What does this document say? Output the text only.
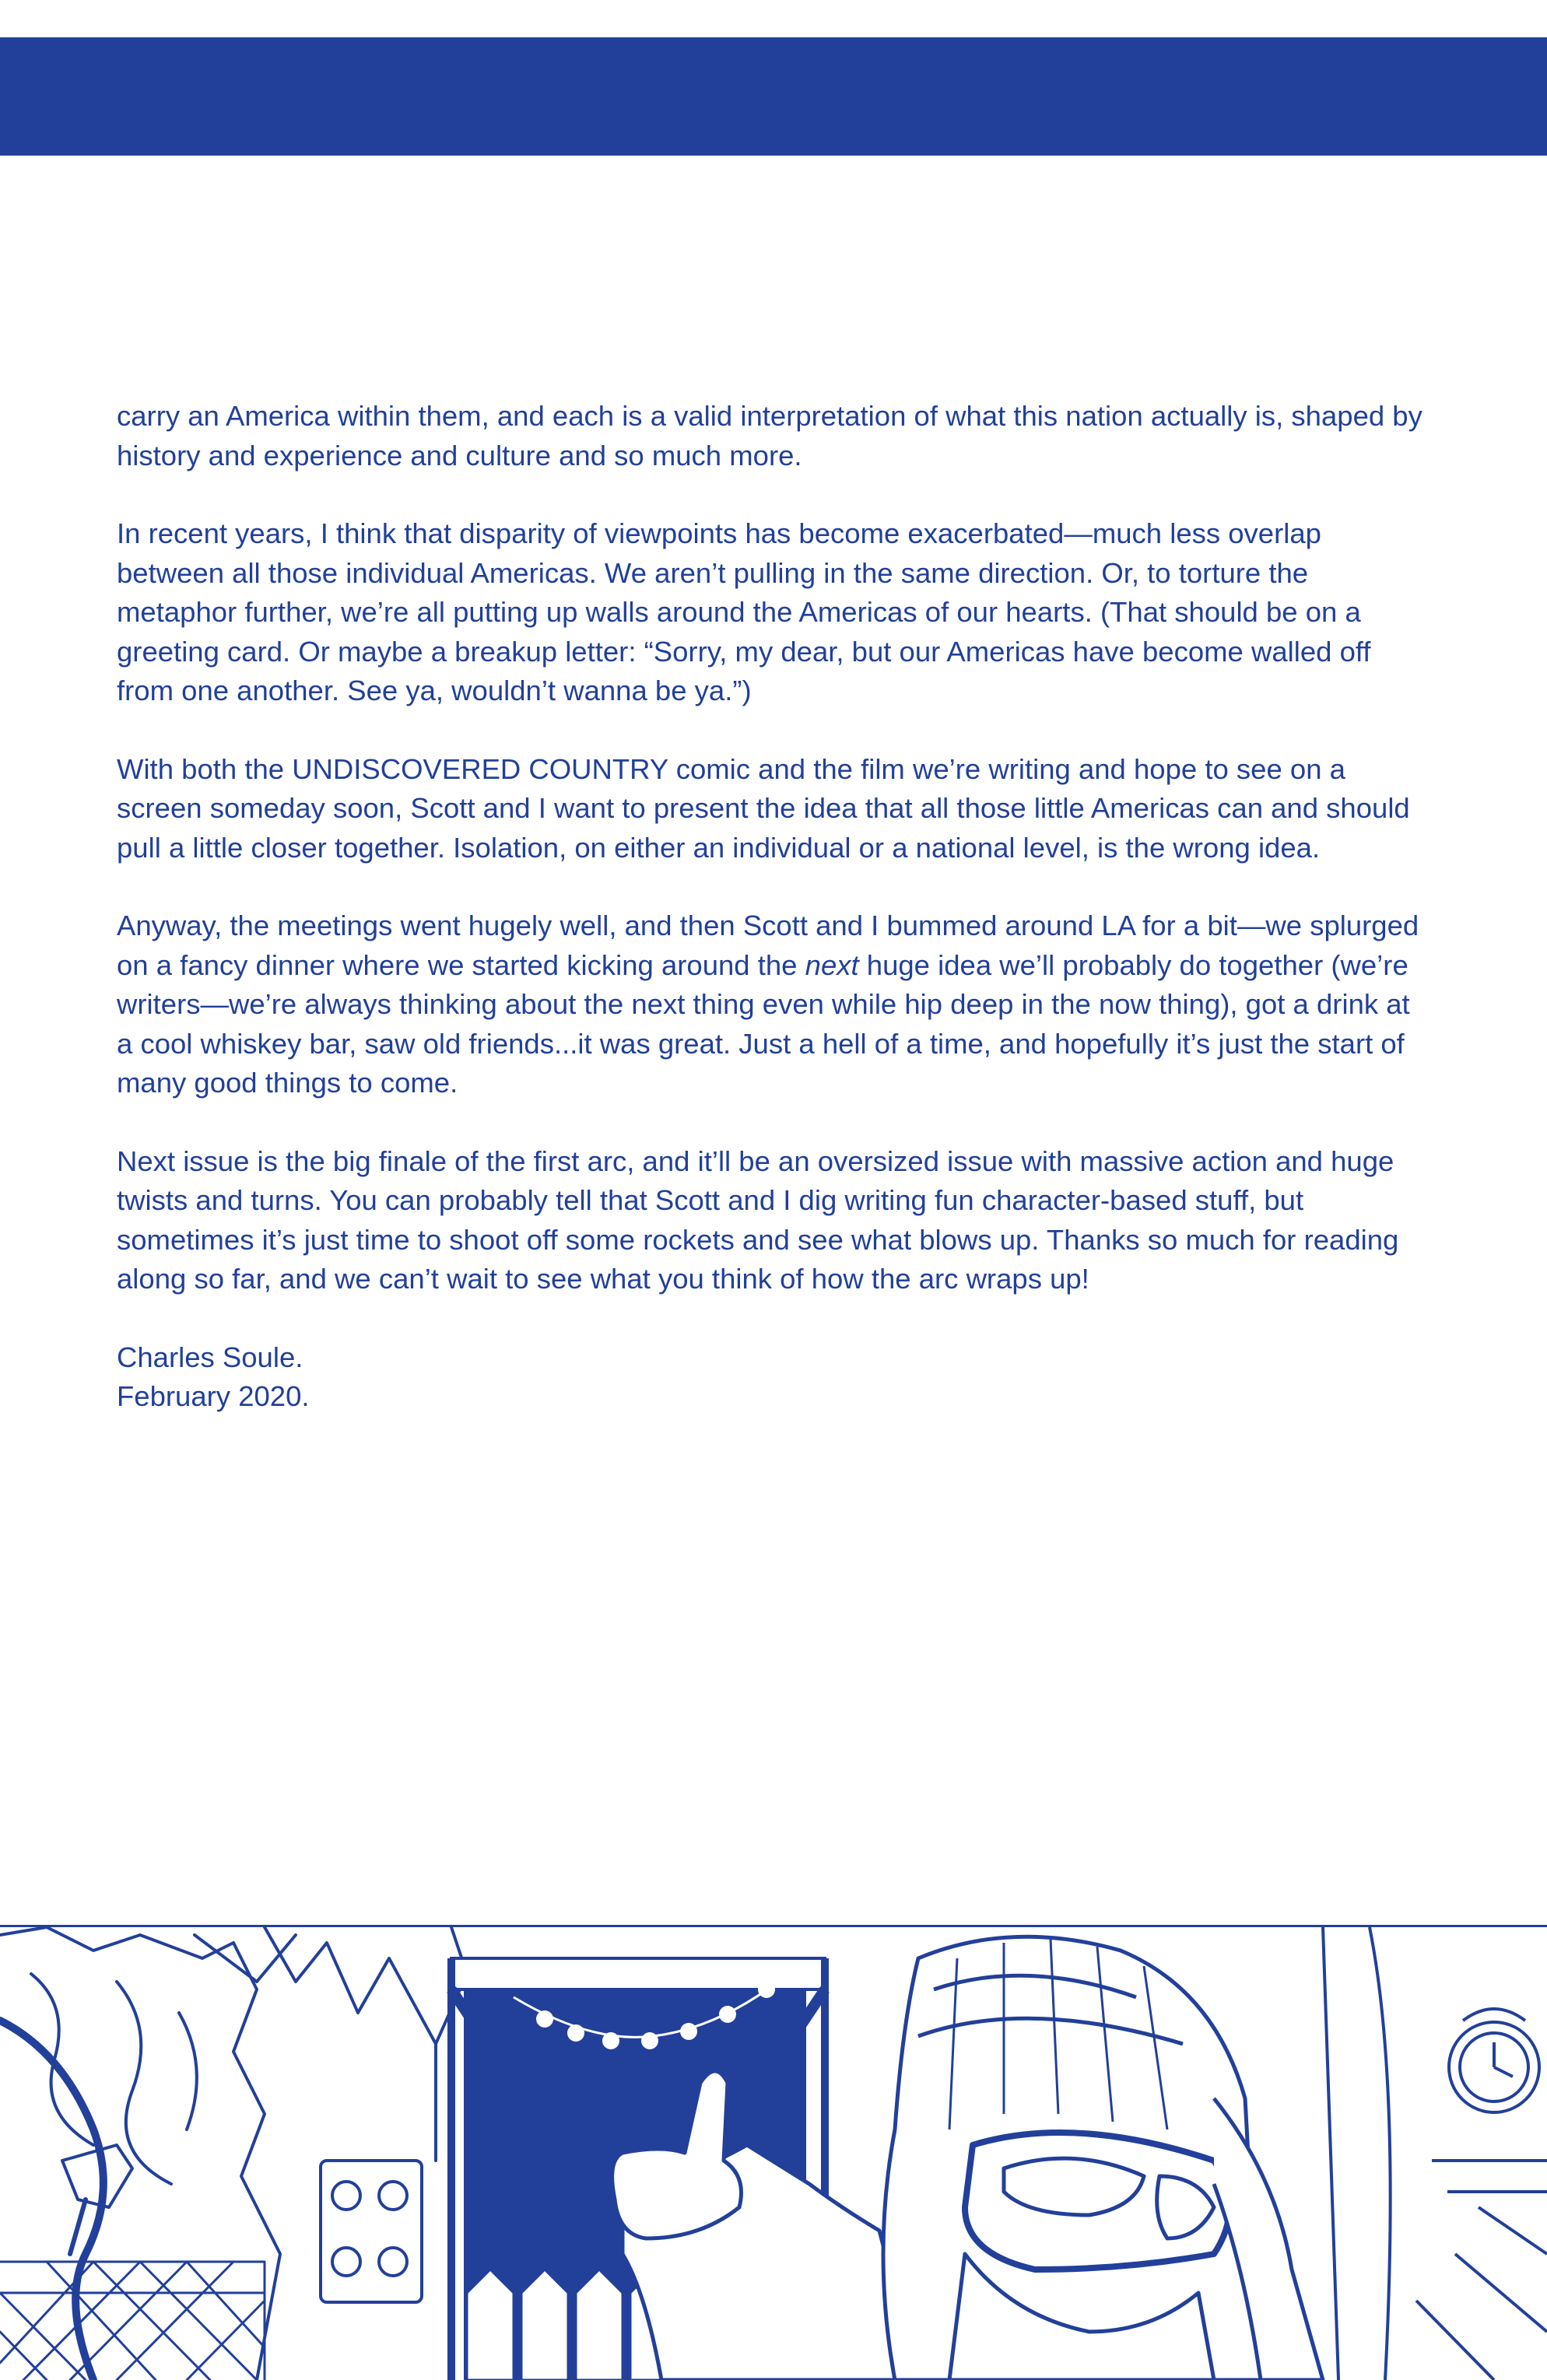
carry an America within them, and each is a valid interpretation of what this nation actually is, shaped by history and experience and culture and so much more.

In recent years, I think that disparity of viewpoints has become exacerbated—much less overlap between all those individual Americas. We aren’t pulling in the same direction. Or, to torture the metaphor further, we’re all putting up walls around the Americas of our hearts. (That should be on a greeting card. Or maybe a breakup letter: “Sorry, my dear, but our Americas have become walled off from one another. See ya, wouldn’t wanna be ya.”)

With both the UNDISCOVERED COUNTRY comic and the film we’re writing and hope to see on a screen someday soon, Scott and I want to present the idea that all those little Americas can and should pull a little closer together. Isolation, on either an individual or a national level, is the wrong idea.

Anyway, the meetings went hugely well, and then Scott and I bummed around LA for a bit—we splurged on a fancy dinner where we started kicking around the next huge idea we’ll probably do together (we’re writers—we’re always thinking about the next thing even while hip deep in the now thing), got a drink at a cool whiskey bar, saw old friends...it was great. Just a hell of a time, and hopefully it’s just the start of many good things to come.

Next issue is the big finale of the first arc, and it’ll be an oversized issue with massive action and huge twists and turns. You can probably tell that Scott and I dig writing fun character-based stuff, but sometimes it’s just time to shoot off some rockets and see what blows up. Thanks so much for reading along so far, and we can’t wait to see what you think of how the arc wraps up!

Charles Soule.
February 2020.
